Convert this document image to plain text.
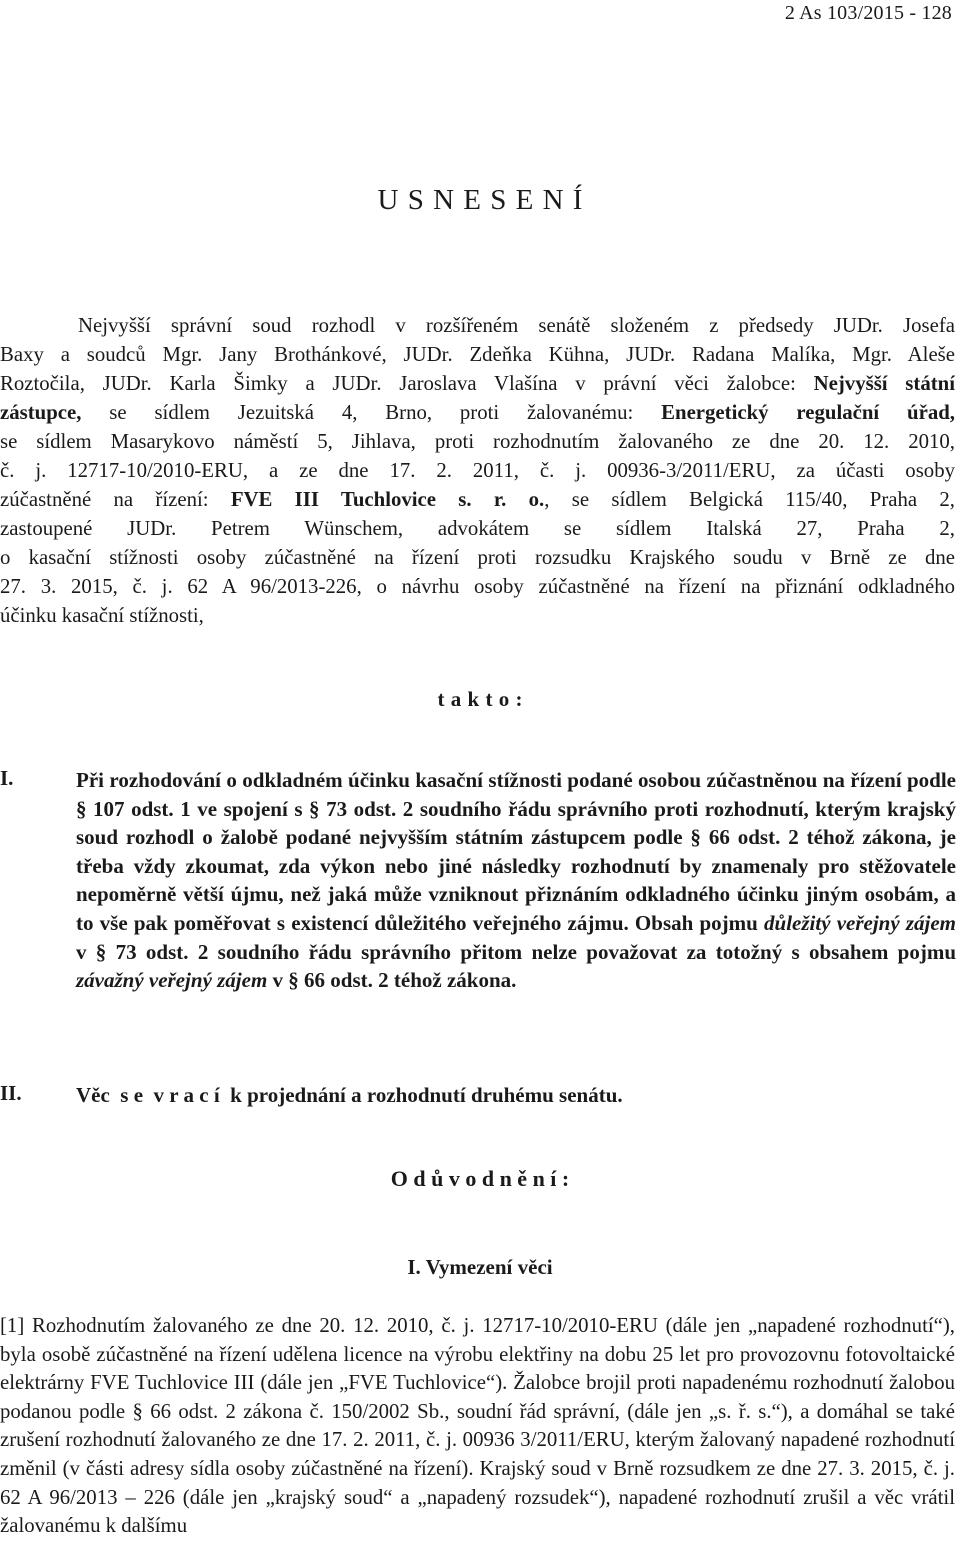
2 As 103/2015 - 128
U S N E S E N Í
Nejvyšší správní soud rozhodl v rozšířeném senátě složeném z předsedy JUDr. Josefa
Baxy a soudců Mgr. Jany Brothánkové, JUDr. Zdeňka Kühna, JUDr. Radana Malíka, Mgr. Aleše
Roztočila, JUDr. Karla Šimky a JUDr. Jaroslava Vlašína v právní věci žalobce: Nejvyšší státní
zástupce, se sídlem Jezuitská 4, Brno, proti žalovanému: Energetický regulační úřad,
se sídlem Masarykovo náměstí 5, Jihlava, proti rozhodnutím žalovaného ze dne 20. 12. 2010,
č. j. 12717-10/2010-ERU, a ze dne 17. 2. 2011, č. j. 00936-3/2011/ERU, za účasti osoby
zúčastněné na řízení: FVE III Tuchlovice s. r. o., se sídlem Belgická 115/40, Praha 2,
zastoupené JUDr. Petrem Wünschem, advokátem se sídlem Italská 27, Praha 2,
o kasační stížnosti osoby zúčastněné na řízení proti rozsudku Krajského soudu v Brně ze dne
27. 3. 2015, č. j. 62 A 96/2013-226, o návrhu osoby zúčastněné na řízení na přiznání odkladného
účinku kasační stížnosti,
t a k t o :
I.	Při rozhodování o odkladném účinku kasační stížnosti podané osobou zúčastněnou na řízení podle § 107 odst. 1 ve spojení s § 73 odst. 2 soudního řádu správního proti rozhodnutí, kterým krajský soud rozhodl o žalobě podané nejvyšším státním zástupcem podle § 66 odst. 2 téhož zákona, je třeba vždy zkoumat, zda výkon nebo jiné následky rozhodnutí by znamenaly pro stěžovatele nepoměrně větší újmu, než jaká může vzniknout přiznáním odkladného účinku jiným osobám, a to vše pak poměřovat s existencí důležitého veřejného zájmu. Obsah pojmu důležitý veřejný zájem v § 73 odst. 2 soudního řádu správního přitom nelze považovat za totožný s obsahem pojmu závažný veřejný zájem v § 66 odst. 2 téhož zákona.
II.	Věc  s e  v r a c í  k projednání a rozhodnutí druhému senátu.
O d ů v o d n ě n í :
I. Vymezení věci
[1] Rozhodnutím žalovaného ze dne 20. 12. 2010, č. j. 12717-10/2010-ERU (dále jen „napadené rozhodnutí“), byla osobě zúčastněné na řízení udělena licence na výrobu elektřiny na dobu 25 let pro provozovnu fotovoltaické elektrárny FVE Tuchlovice III (dále jen „FVE Tuchlovice“). Žalobce brojil proti napadenému rozhodnutí žalobou podanou podle § 66 odst. 2 zákona č. 150/2002 Sb., soudní řád správní, (dále jen „s. ř. s.“), a domáhal se také zrušení rozhodnutí žalovaného ze dne 17. 2. 2011, č. j. 00936 3/2011/ERU, kterým žalovaný napadené rozhodnutí změnil (v části adresy sídla osoby zúčastněné na řízení). Krajský soud v Brně rozsudkem ze dne 27. 3. 2015, č. j. 62 A 96/2013 – 226 (dále jen „krajský soud“ a „napadený rozsudek“), napadené rozhodnutí zrušil a věc vrátil žalovanému k dalšímu
